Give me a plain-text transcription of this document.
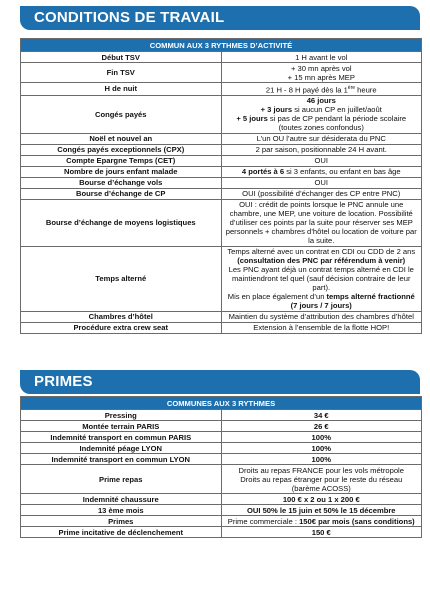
CONDITIONS DE TRAVAIL
COMMUN AUX 3 RYTHMES D’ACTIVITÉ	
Début TSV	1 H avant le vol
Fin TSV	+ 30 mn après vol
+ 15 mn après MEP

H de nuit	21 H - 8 H payé dès la 1ère heure
Congés payés	46 jours
+ 3 jours si aucun CP en juillet/août
+ 5 jours si pas de CP pendant la période scolaire
(toutes zones confondus)

Noël et nouvel an	L’un OU l’autre sur désiderata du PNC
Congés payés exceptionnels (CPX)	2 par saison, positionnable 24 H avant.
Compte Epargne Temps (CET)	OUI
Nombre de jours enfant malade	4 portés à 6 si 3 enfants, ou enfant en bas âge
Bourse d’échange vols	OUI
Bourse d’échange de CP	OUI (possibilité d’échanger des CP entre PNC)
Bourse d’échange de moyens logistiques	OUI : crédit de points lorsque le PNC annule une chambre, une MEP, une voiture de location. Possibilité d’utiliser ces points par la suite pour réserver ses MEP personnels + chambres d’hôtel ou location de voiture par la suite.
Temps alterné	Temps alterné avec un contrat en CDI ou CDD de 2 ans
(consultation des PNC par référendum à venir)
Les PNC ayant déjà un contrat temps alterné en CDI le maintiendront tel quel (sauf décision contraire de leur part).
Mis en place également d’un temps alterné fractionné
(7 jours / 7 jours)

Chambres d’hôtel	Maintien du système d’attribution des chambres d’hôtel
Procédure extra crew seat	Extension à l’ensemble de la flotte HOP!
PRIMES
COMMUNES AUX 3 RYTHMES	
Pressing	34 €
Montée terrain PARIS	26 €
Indemnité transport en commun PARIS	100%
Indemnité péage LYON	100%
Indemnité transport en commun LYON	100%
Prime repas	Droits au repas FRANCE pour les vols métropole
Droits au repas étranger pour le reste du réseau
(barème ACOSS)

Indemnité chaussure	100 € x 2 ou 1 x 200 €
13 ème mois	OUI 50% le 15 juin et 50% le 15 décembre
Primes	Prime commerciale : 150€ par mois (sans conditions)
Prime incitative de déclenchement	150 €
